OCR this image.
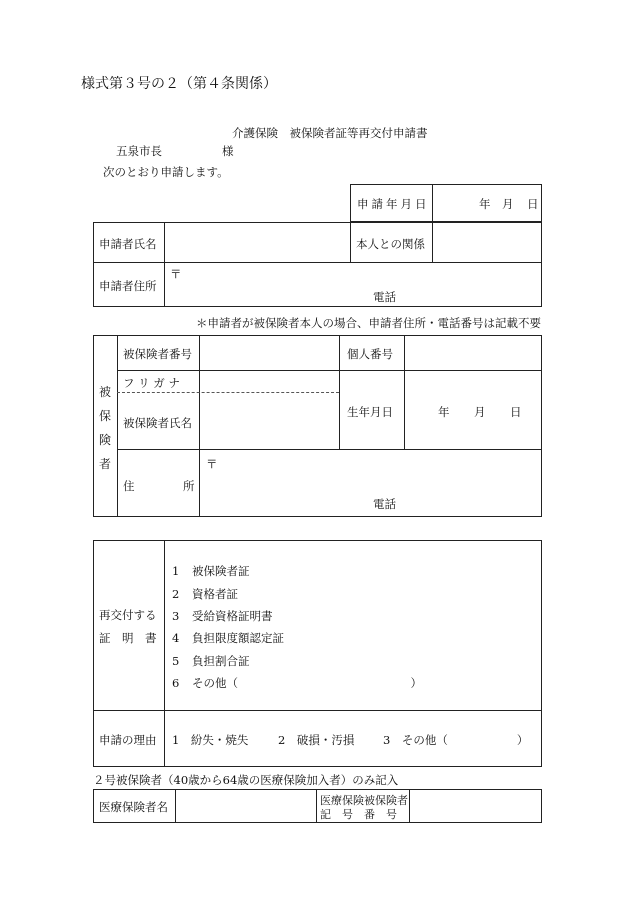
様式第３号の２（第４条関係）
介護保険　被保険者証等再交付申請書
五泉市長	様
次のとおり申請します。
申請年月日	年 月 日
申請者氏名	本人との関係
申請者住所
〒
電話
＊申請者が被保険者本人の場合、申請者住所・電話番号は記載不要
被
保
険
者
被保険者番号	個人番号
フ リ ガ ナ
被保険者氏名
生年月日	年 月 日
住	所
〒
電話
再交付する
証　明　書
1 被保険者証
2 資格者証
3 受給資格証明書
4 負担限度額認定証
5 負担割合証
6 その他（　　　　　　　　　　　　　　　）
申請の理由 1　 紛失・焼失	2　 破損・汚損 3　 その他（　　　　　　）
２号被保険者（40歳から64歳の医療保険加入者）のみ記入
医療保険者名	医療保険被保険者
記　号　番　号
